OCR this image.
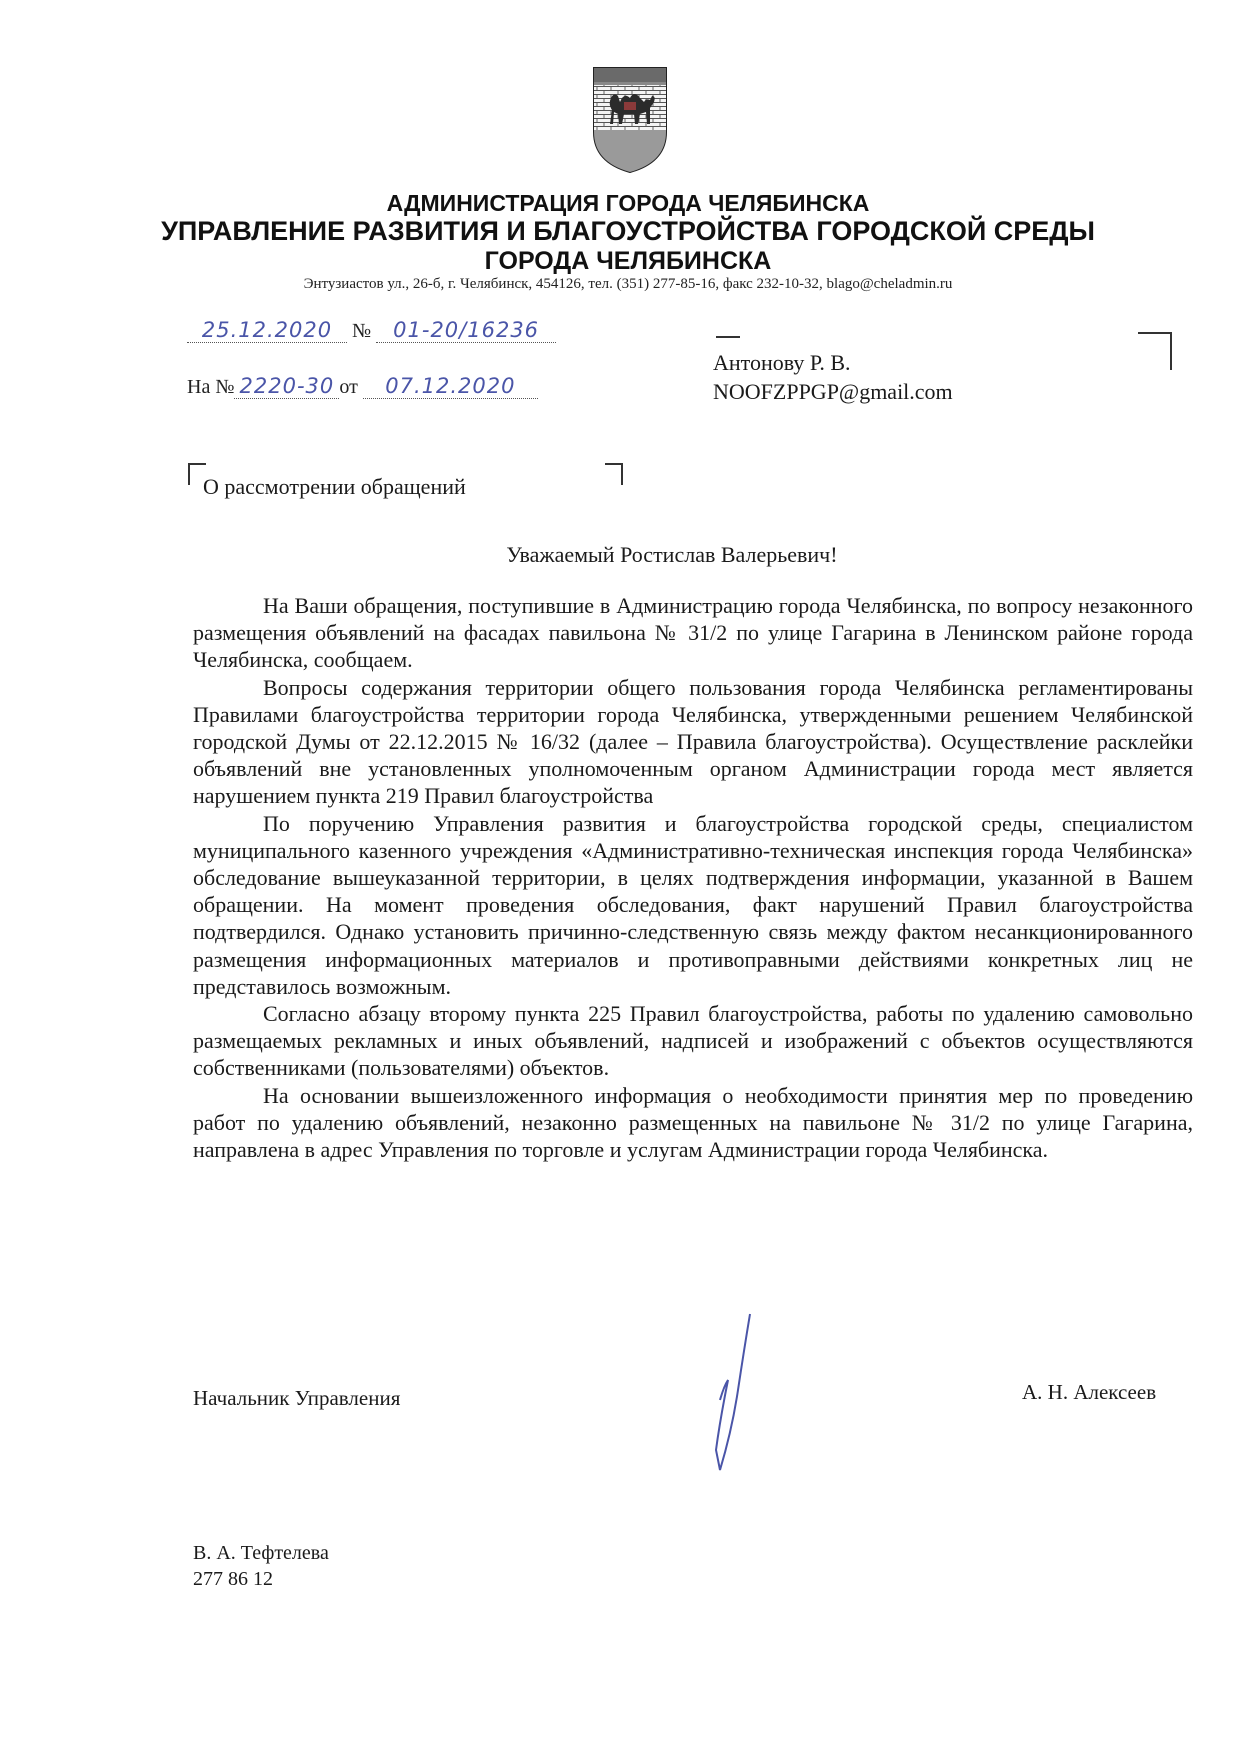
АДМИНИСТРАЦИЯ ГОРОДА ЧЕЛЯБИНСКА
УПРАВЛЕНИЕ РАЗВИТИЯ И БЛАГОУСТРОЙСТВА ГОРОДСКОЙ СРЕДЫ
ГОРОДА ЧЕЛЯБИНСКА
Энтузиастов ул., 26-б, г. Челябинск, 454126, тел. (351) 277-85-16, факс 232-10-32, blago@cheladmin.ru
25.12.2020 № 01-20/16236
На № 2220-30 от 07.12.2020
Антонову Р. В.
NOOFZPPGP@gmail.com
О рассмотрении обращений
Уважаемый Ростислав Валерьевич!

На Ваши обращения, поступившие в Администрацию города Челябинска, по вопросу незаконного размещения объявлений на фасадах павильона № 31/2 по улице Гагарина в Ленинском районе города Челябинска, сообщаем.

Вопросы содержания территории общего пользования города Челябинска регламентированы Правилами благоустройства территории города Челябинска, утвержденными решением Челябинской городской Думы от 22.12.2015 № 16/32 (далее – Правила благоустройства). Осуществление расклейки объявлений вне установленных уполномоченным органом Администрации города мест является нарушением пункта 219 Правил благоустройства

По поручению Управления развития и благоустройства городской среды, специалистом муниципального казенного учреждения «Административно-техническая инспекция города Челябинска» обследование вышеуказанной территории, в целях подтверждения информации, указанной в Вашем обращении. На момент проведения обследования, факт нарушений Правил благоустройства подтвердился. Однако установить причинно-следственную связь между фактом несанкционированного размещения информационных материалов и противоправными действиями конкретных лиц не представилось возможным.

Согласно абзацу второму пункта 225 Правил благоустройства, работы по удалению самовольно размещаемых рекламных и иных объявлений, надписей и изображений с объектов осуществляются собственниками (пользователями) объектов.

На основании вышеизложенного информация о необходимости принятия мер по проведению работ по удалению объявлений, незаконно размещенных на павильоне № 31/2 по улице Гагарина, направлена в адрес Управления по торговле и услугам Администрации города Челябинска.

Начальник Управления	А. Н. Алексеев
В. А. Тефтелева
277 86 12
